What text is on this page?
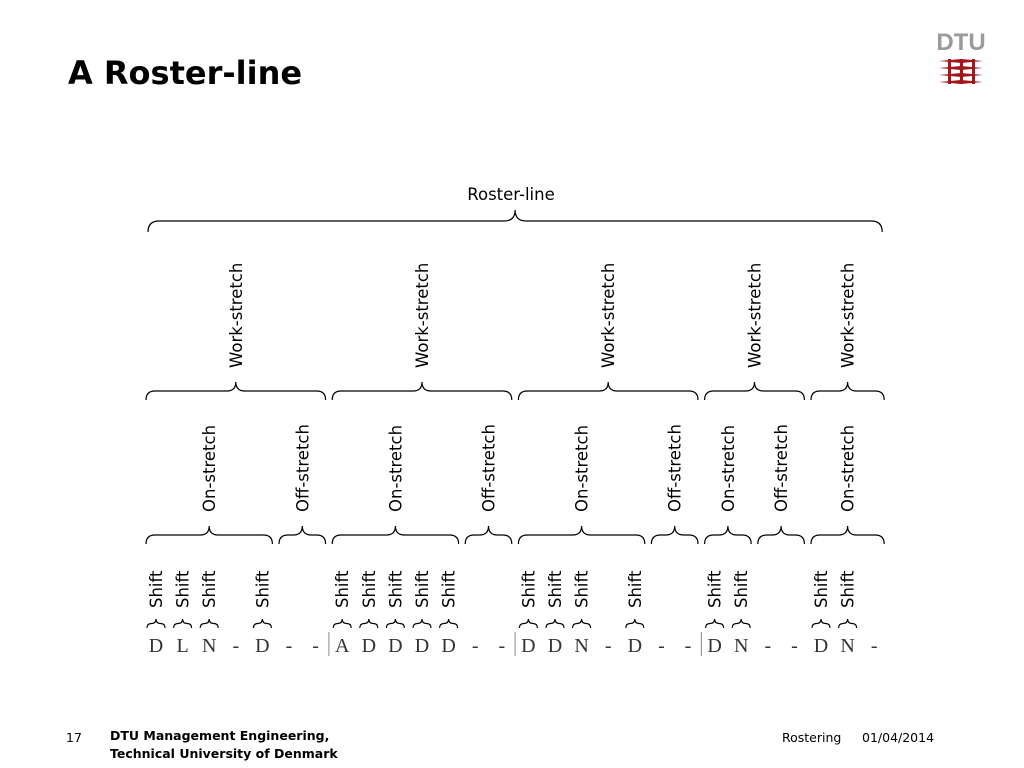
A Roster-line
DTU
Roster-line
Shift Shift Shift Shift	Shift Shift Shift Shift Shift	Shift Shift Shift Shift	Shift Shift	Shift Shift
On-stretch	Off-stretch	On-stretch	Off-stretch	On-stretch	Off-stretch On-stretch Off-stretch	On-stretch
Work-stretch	Work-stretch	Work-stretch	Work-stretch	Work-stretch
D L N - D - - A D D D D - - D D N - D - - D N - - D N -
17 DTU Management Engineering,
Technical University of Denmark
Rostering 01/04/2014
